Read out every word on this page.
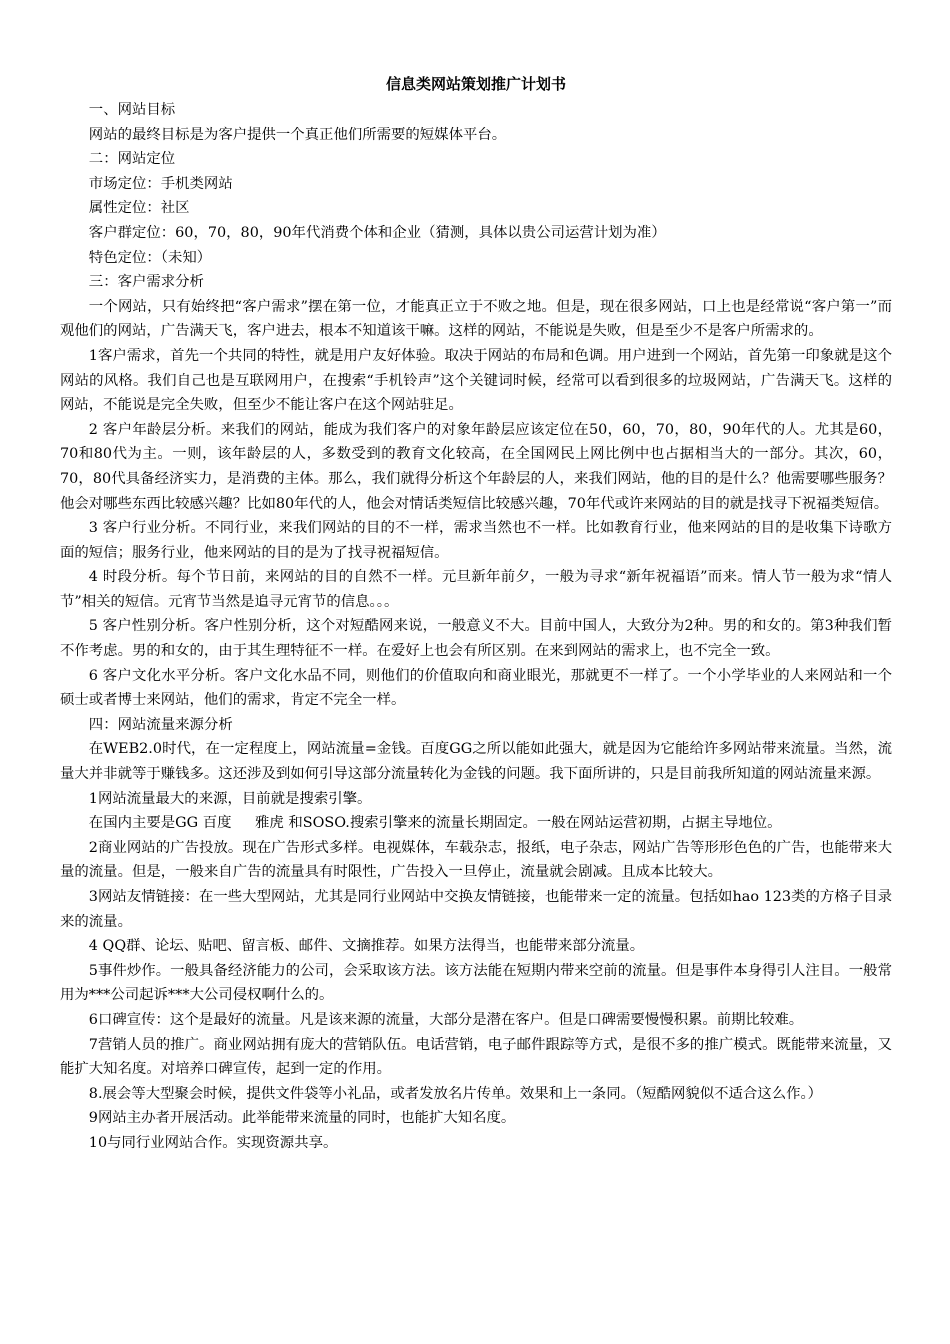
信息类网站策划推广计划书

一、网站目标

网站的最终目标是为客户提供一个真正他们所需要的短媒体平台。

二：网站定位

市场定位：手机类网站

属性定位：社区

客户群定位：60，70，80，90年代消费个体和企业（猜测，具体以贵公司运营计划为准）

特色定位：（未知）

三：客户需求分析

一个网站，只有始终把“客户需求”摆在第一位，才能真正立于不败之地。但是，现在很多网站，口上也是经常说“客户第一”而观他们的网站，广告满天飞，客户进去，根本不知道该干嘛。这样的网站，不能说是失败，但是至少不是客户所需求的。

1客户需求，首先一个共同的特性，就是用户友好体验。取决于网站的布局和色调。用户进到一个网站，首先第一印象就是这个网站的风格。我们自己也是互联网用户，在搜索“手机铃声”这个关键词时候，经常可以看到很多的垃圾网站，广告满天飞。这样的网站，不能说是完全失败，但至少不能让客户在这个网站驻足。

2 客户年龄层分析。来我们的网站，能成为我们客户的对象年龄层应该定位在50，60，70，80，90年代的人。尤其是60，70和80代为主。一则，该年龄层的人，多数受到的教育文化较高，在全国网民上网比例中也占据相当大的一部分。其次，60，70，80代具备经济实力，是消费的主体。那么，我们就得分析这个年龄层的人，来我们网站，他的目的是什么？他需要哪些服务？他会对哪些东西比较感兴趣？比如80年代的人，他会对情话类短信比较感兴趣，70年代或许来网站的目的就是找寻下祝福类短信。

3 客户行业分析。不同行业，来我们网站的目的不一样，需求当然也不一样。比如教育行业，他来网站的目的是收集下诗歌方面的短信；服务行业，他来网站的目的是为了找寻祝福短信。

4 时段分析。每个节日前，来网站的目的自然不一样。元旦新年前夕，一般为寻求“新年祝福语”而来。情人节一般为求“情人节”相关的短信。元宵节当然是追寻元宵节的信息。。。

5 客户性别分析。客户性别分析，这个对短酷网来说，一般意义不大。目前中国人，大致分为2种。男的和女的。第3种我们暂不作考虑。男的和女的，由于其生理特征不一样。在爱好上也会有所区别。在来到网站的需求上，也不完全一致。

6 客户文化水平分析。客户文化水品不同，则他们的价值取向和商业眼光，那就更不一样了。一个小学毕业的人来网站和一个硕士或者博士来网站，他们的需求，肯定不完全一样。

四：网站流量来源分析

在WEB2.0时代，在一定程度上，网站流量=金钱。百度GG之所以能如此强大，就是因为它能给许多网站带来流量。当然，流量大并非就等于赚钱多。这还涉及到如何引导这部分流量转化为金钱的问题。我下面所讲的，只是目前我所知道的网站流量来源。

1网站流量最大的来源，目前就是搜索引擎。

在国内主要是GG 百度 　 雅虎 和SOSO.搜索引擎来的流量长期固定。一般在网站运营初期，占据主导地位。

2商业网站的广告投放。现在广告形式多样。电视媒体，车载杂志，报纸，电子杂志，网站广告等形形色色的广告，也能带来大量的流量。但是，一般来自广告的流量具有时限性，广告投入一旦停止，流量就会剧减。且成本比较大。

3网站友情链接：在一些大型网站，尤其是同行业网站中交换友情链接，也能带来一定的流量。包括如hao 123类的方格子目录来的流量。

4 QQ群、论坛、贴吧、留言板、邮件、文摘推荐。如果方法得当，也能带来部分流量。

5事件炒作。一般具备经济能力的公司，会采取该方法。该方法能在短期内带来空前的流量。但是事件本身得引人注目。一般常用为***公司起诉***大公司侵权啊什么的。

6口碑宣传：这个是最好的流量。凡是该来源的流量，大部分是潜在客户。但是口碑需要慢慢积累。前期比较难。

7营销人员的推广。商业网站拥有庞大的营销队伍。电话营销，电子邮件跟踪等方式，是很不多的推广模式。既能带来流量，又能扩大知名度。对培养口碑宣传，起到一定的作用。

8.展会等大型聚会时候，提供文件袋等小礼品，或者发放名片传单。效果和上一条同。（短酷网貌似不适合这么作。）

9网站主办者开展活动。此举能带来流量的同时，也能扩大知名度。

10与同行业网站合作。实现资源共享。
